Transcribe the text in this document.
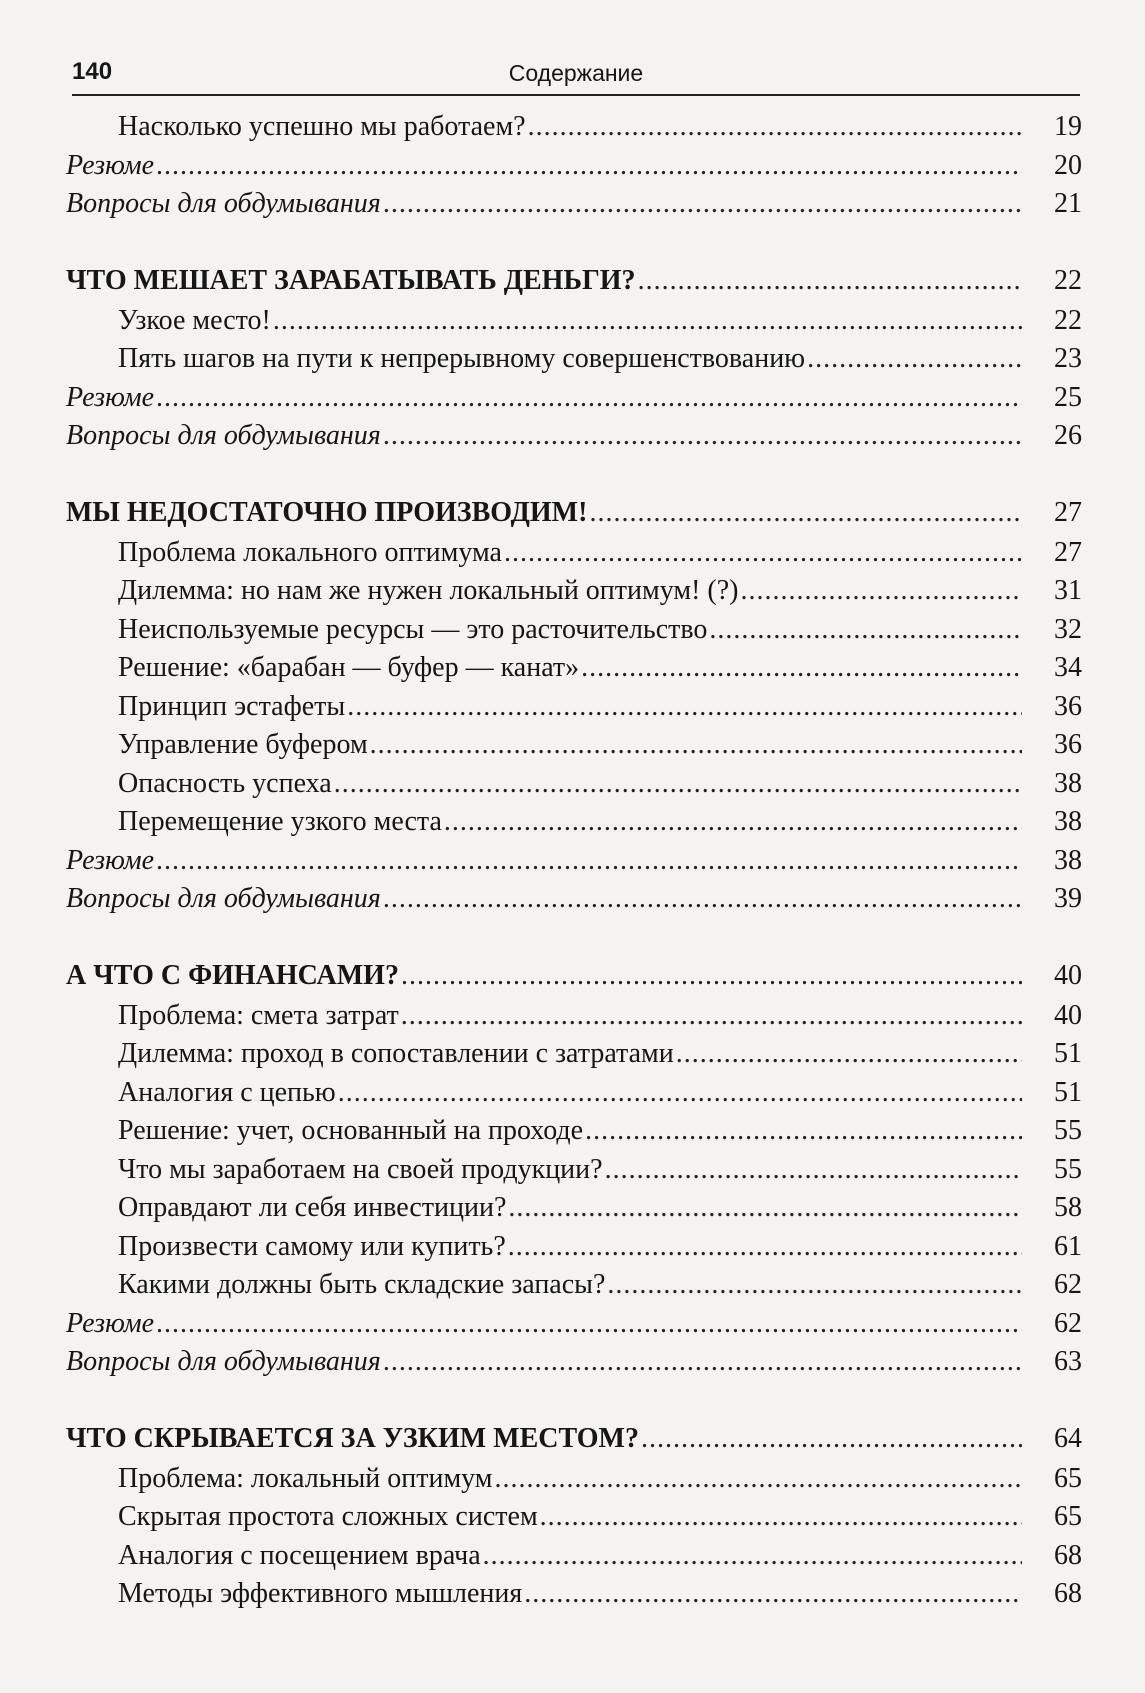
140	Содержание
Насколько успешно мы работаем? .....	19
Резюме .....	20
Вопросы для обдумывания .....	21
ЧТО МЕШАЕТ ЗАРАБАТЫВАТЬ ДЕНЬГИ? .....	22
Узкое место! .....	22
Пять шагов на пути к непрерывному совершенствованию .....	23
Резюме .....	25
Вопросы для обдумывания .....	26
МЫ НЕДОСТАТОЧНО ПРОИЗВОДИМ! .....	27
Проблема локального оптимума .....	27
Дилемма: но нам же нужен локальный оптимум! (?) .....	31
Неиспользуемые ресурсы — это расточительство .....	32
Решение: «барабан — буфер — канат» .....	34
Принцип эстафеты .....	36
Управление буфером .....	36
Опасность успеха .....	38
Перемещение узкого места .....	38
Резюме .....	38
Вопросы для обдумывания .....	39
А ЧТО С ФИНАНСАМИ? .....	40
Проблема: смета затрат .....	40
Дилемма: проход в сопоставлении с затратами .....	51
Аналогия с цепью .....	51
Решение: учет, основанный на проходе .....	55
Что мы заработаем на своей продукции? .....	55
Оправдают ли себя инвестиции? .....	58
Произвести самому или купить? .....	61
Какими должны быть складские запасы? .....	62
Резюме .....	62
Вопросы для обдумывания .....	63
ЧТО СКРЫВАЕТСЯ ЗА УЗКИМ МЕСТОМ? .....	64
Проблема: локальный оптимум .....	65
Скрытая простота сложных систем .....	65
Аналогия с посещением врача .....	68
Методы эффективного мышления .....	68
